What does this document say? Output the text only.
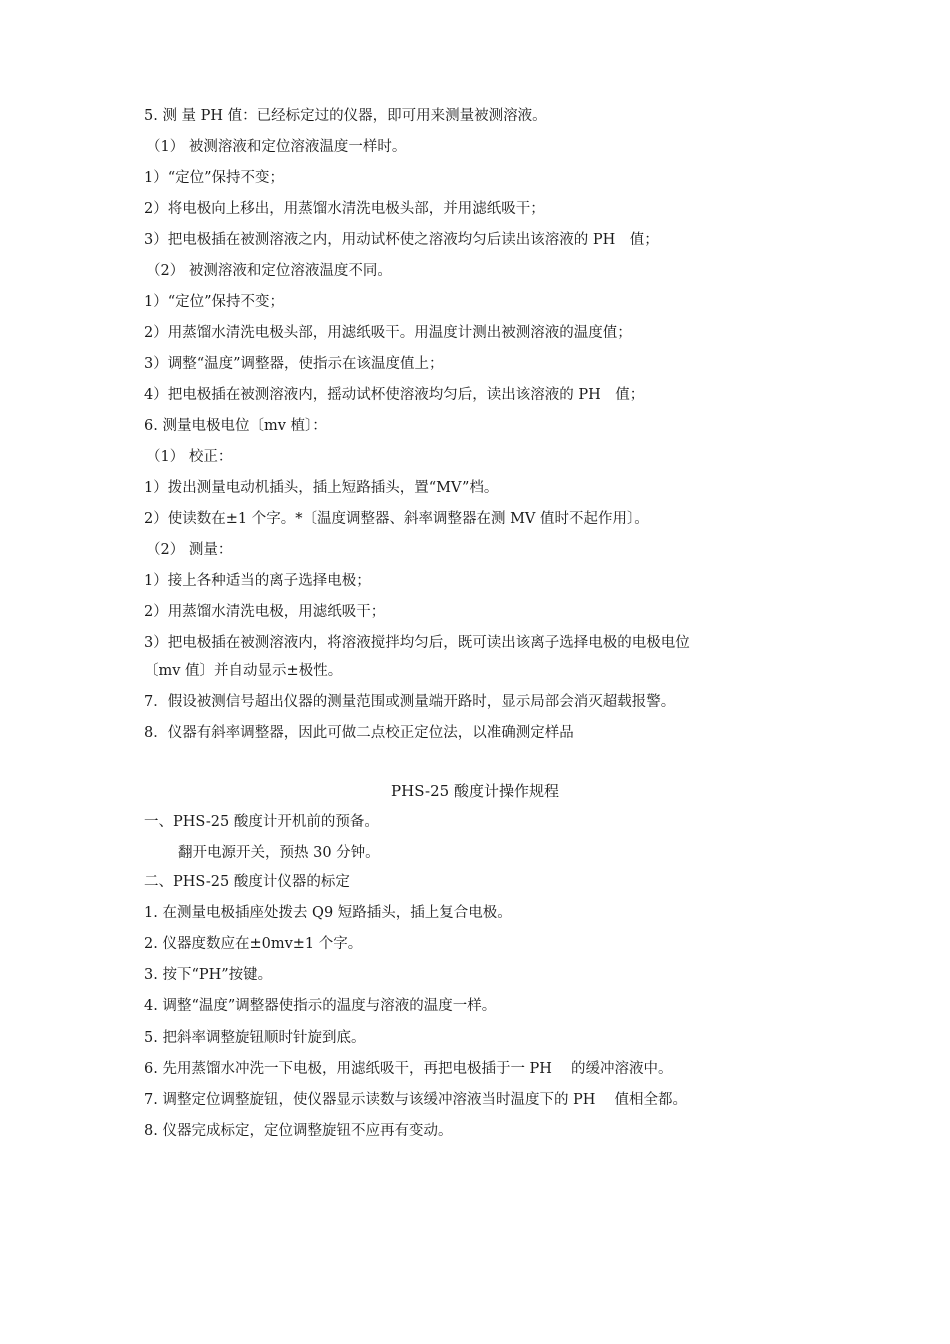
5. 测 量 PH 值：已经标定过的仪器，即可用来测量被测溶液。
（1） 被测溶液和定位溶液温度一样时。
1）“定位”保持不变；
2）将电极向上移出，用蒸馏水清洗电极头部，并用滤纸吸干；
3）把电极插在被测溶液之内，用动试杯使之溶液均匀后读出该溶液的 PH　值；
（2） 被测溶液和定位溶液温度不同。
1）“定位”保持不变；
2）用蒸馏水清洗电极头部，用滤纸吸干。用温度计测出被测溶液的温度值；
3）调整“温度”调整器，使指示在该温度值上；
4）把电极插在被测溶液内，摇动试杯使溶液均匀后，读出该溶液的 PH　值；
6. 测量电极电位〔mv 植〕：
（1） 校正：
1）拨出测量电动机插头，插上短路插头，置“MV”档。
2）使读数在±1 个字。*〔温度调整器、斜率调整器在测 MV 值时不起作用〕。
（2） 测量：
1）接上各种适当的离子选择电极；
2）用蒸馏水清洗电极，用滤纸吸干；
3）把电极插在被测溶液内，将溶液搅拌均匀后，既可读出该离子选择电极的电极电位
〔mv 值〕并自动显示±极性。
7．假设被测信号超出仪器的测量范围或测量端开路时，显示局部会消灭超载报警。
8．仪器有斜率调整器，因此可做二点校正定位法，以准确测定样品
PHS-25 酸度计操作规程
一、PHS-25 酸度计开机前的预备。
翻开电源开关，预热 30 分钟。
二、PHS-25 酸度计仪器的标定
1. 在测量电极插座处拨去 Q9 短路插头，插上复合电极。
2. 仪器度数应在±0mv±1 个字。
3. 按下“PH”按键。
4. 调整“温度”调整器使指示的温度与溶液的温度一样。
5. 把斜率调整旋钮顺时针旋到底。
6. 先用蒸馏水冲洗一下电极，用滤纸吸干，再把电极插于一 PH　 的缓冲溶液中。
7. 调整定位调整旋钮，使仪器显示读数与该缓冲溶液当时温度下的 PH　 值相全都。
8. 仪器完成标定，定位调整旋钮不应再有变动。
